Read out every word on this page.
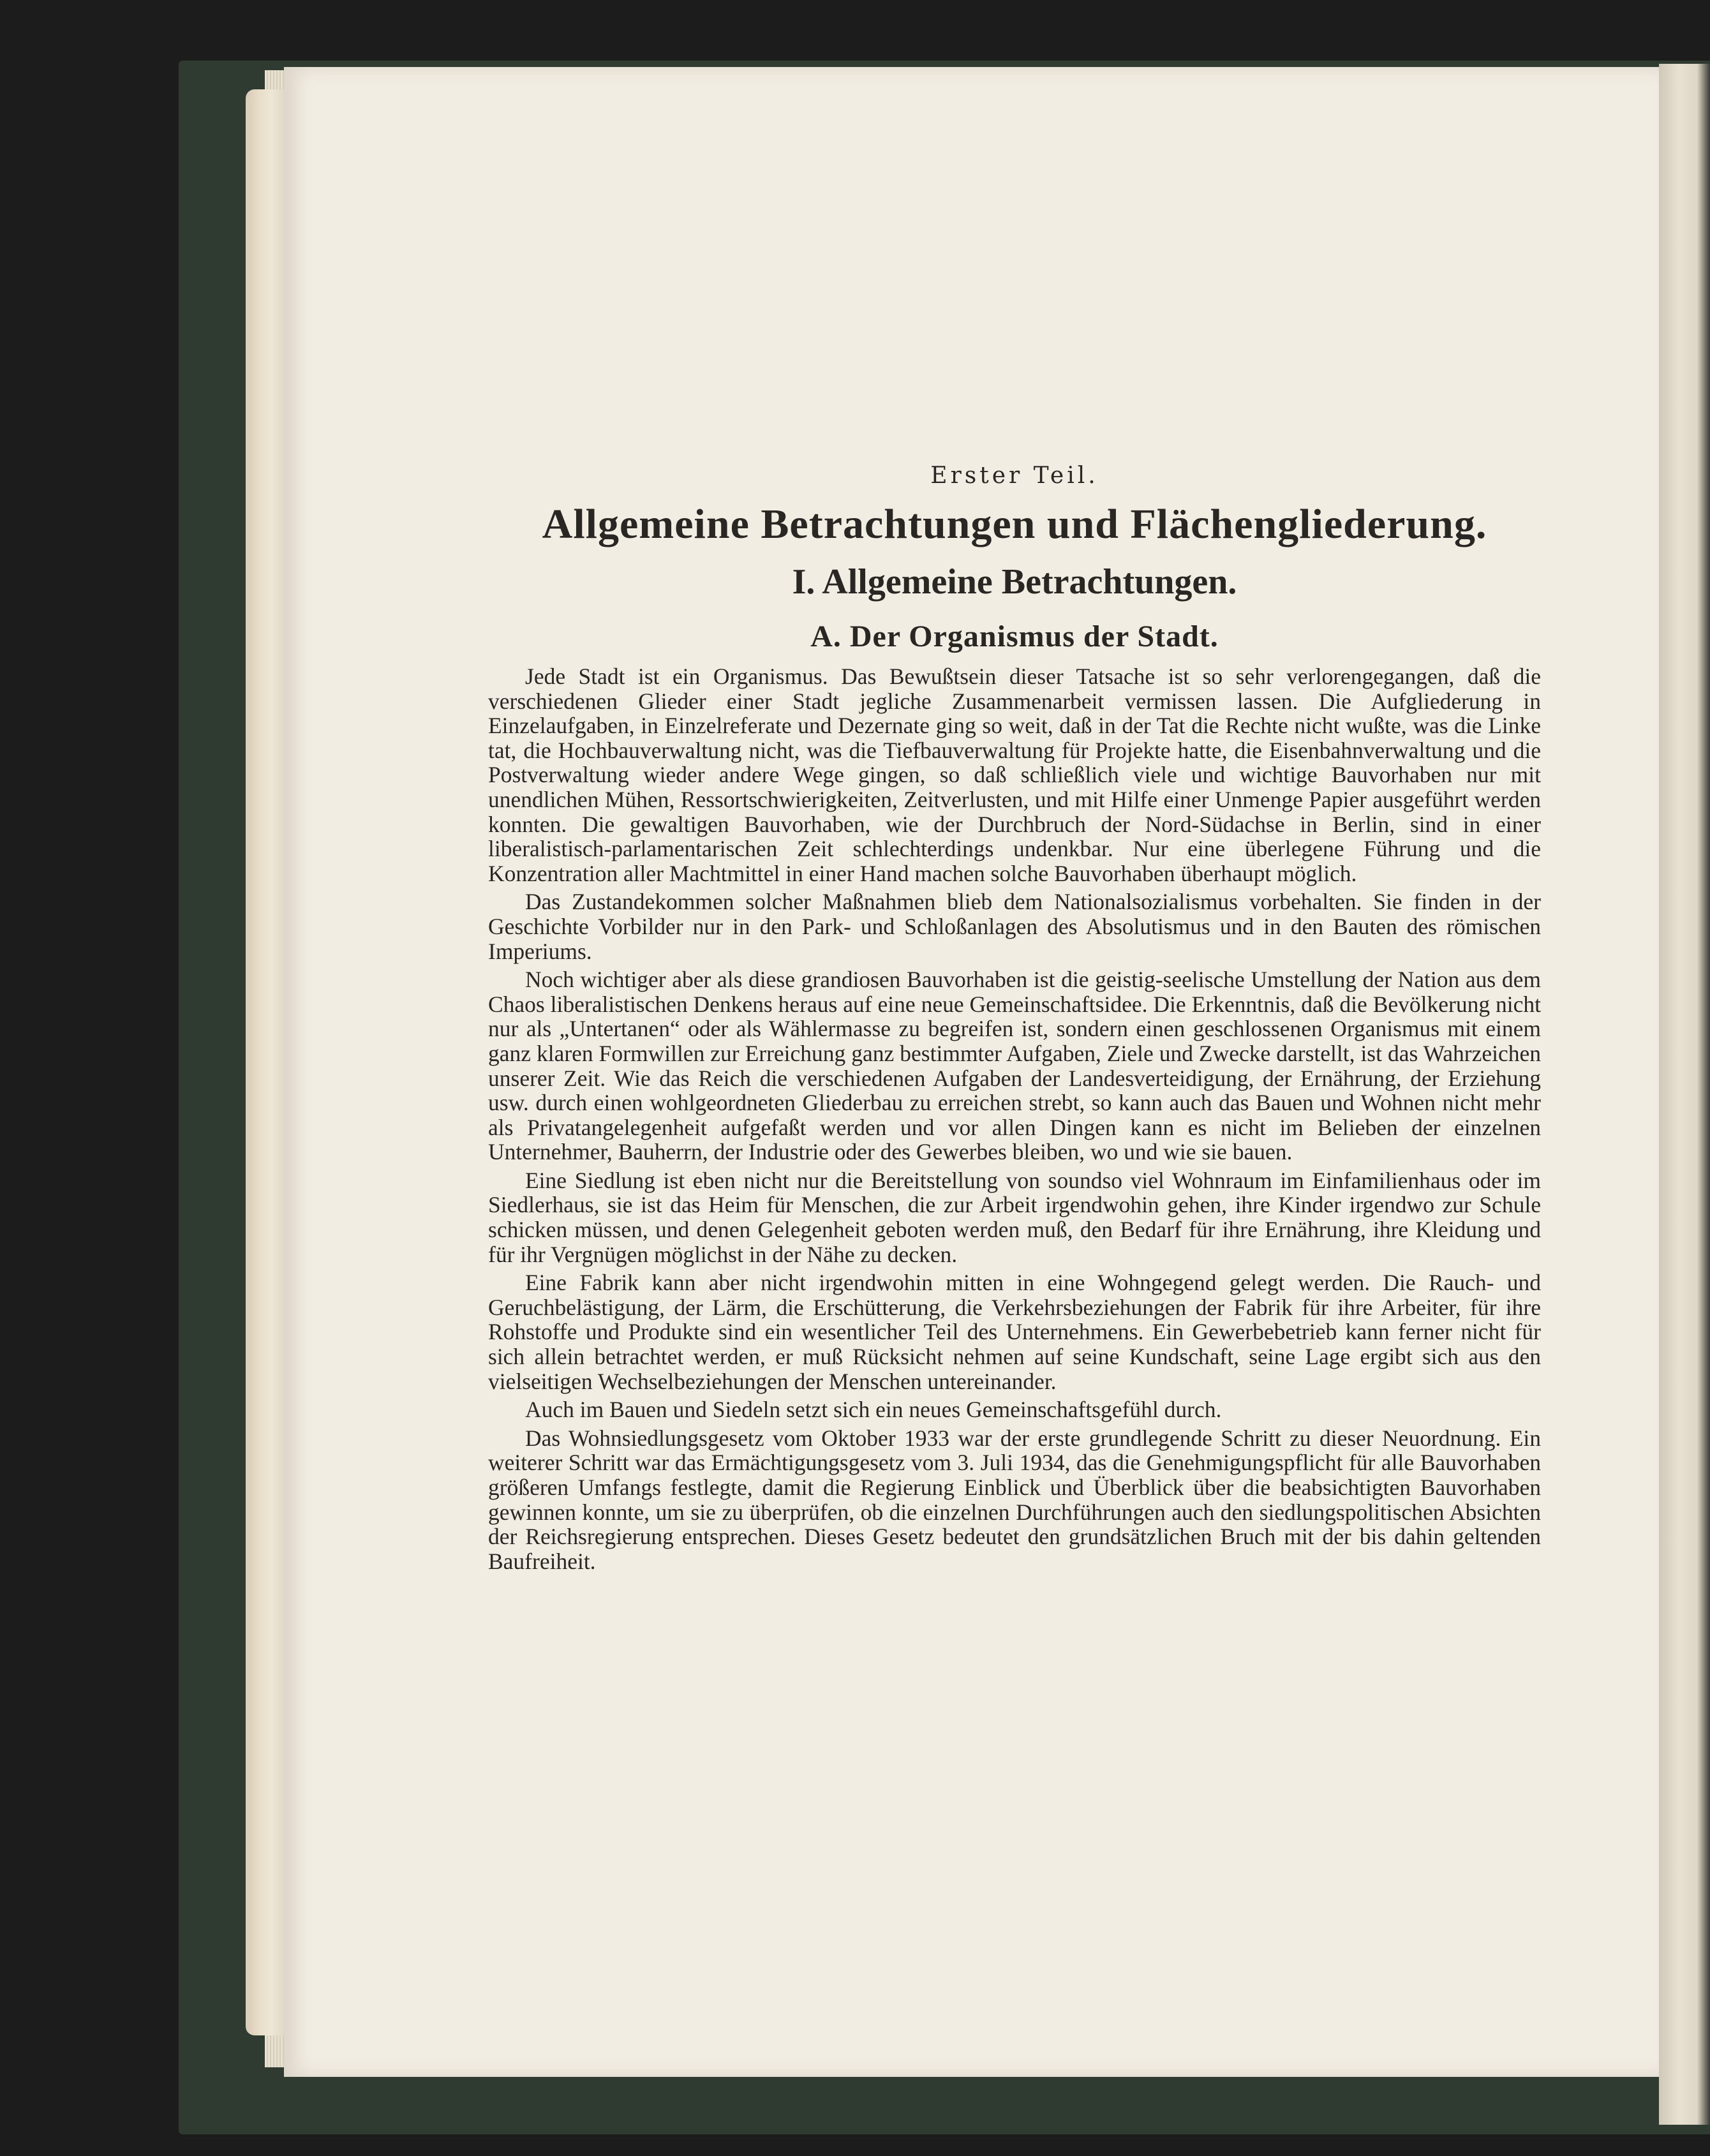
Erster Teil.
Allgemeine Betrachtungen und Flächengliederung.
I. Allgemeine Betrachtungen.
A. Der Organismus der Stadt.

Jede Stadt ist ein Organismus. Das Bewußtsein dieser Tatsache ist so sehr verlorengegangen, daß die verschiedenen Glieder einer Stadt jegliche Zusammenarbeit vermissen lassen. Die Aufgliederung in Einzelaufgaben, in Einzelreferate und Dezernate ging so weit, daß in der Tat die Rechte nicht wußte, was die Linke tat, die Hochbauverwaltung nicht, was die Tiefbauverwaltung für Projekte hatte, die Eisenbahnverwaltung und die Postverwaltung wieder andere Wege gingen, so daß schließlich viele und wichtige Bauvorhaben nur mit unendlichen Mühen, Ressortschwierigkeiten, Zeitverlusten, und mit Hilfe einer Unmenge Papier ausgeführt werden konnten. Die gewaltigen Bauvorhaben, wie der Durchbruch der Nord-Südachse in Berlin, sind in einer liberalistisch-parlamentarischen Zeit schlechterdings undenkbar. Nur eine überlegene Führung und die Konzentration aller Machtmittel in einer Hand machen solche Bauvorhaben überhaupt möglich.

Das Zustandekommen solcher Maßnahmen blieb dem Nationalsozialismus vorbehalten. Sie finden in der Geschichte Vorbilder nur in den Park- und Schloßanlagen des Absolutismus und in den Bauten des römischen Imperiums.

Noch wichtiger aber als diese grandiosen Bauvorhaben ist die geistig-seelische Umstellung der Nation aus dem Chaos liberalistischen Denkens heraus auf eine neue Gemeinschaftsidee. Die Erkenntnis, daß die Bevölkerung nicht nur als „Untertanen“ oder als Wählermasse zu begreifen ist, sondern einen geschlossenen Organismus mit einem ganz klaren Formwillen zur Erreichung ganz bestimmter Aufgaben, Ziele und Zwecke darstellt, ist das Wahrzeichen unserer Zeit. Wie das Reich die verschiedenen Aufgaben der Landesverteidigung, der Ernährung, der Erziehung usw. durch einen wohlgeordneten Gliederbau zu erreichen strebt, so kann auch das Bauen und Wohnen nicht mehr als Privatangelegenheit aufgefaßt werden und vor allen Dingen kann es nicht im Belieben der einzelnen Unternehmer, Bauherrn, der Industrie oder des Gewerbes bleiben, wo und wie sie bauen.

Eine Siedlung ist eben nicht nur die Bereitstellung von soundso viel Wohnraum im Einfamilienhaus oder im Siedlerhaus, sie ist das Heim für Menschen, die zur Arbeit irgendwohin gehen, ihre Kinder irgendwo zur Schule schicken müssen, und denen Gelegenheit geboten werden muß, den Bedarf für ihre Ernährung, ihre Kleidung und für ihr Vergnügen möglichst in der Nähe zu decken.

Eine Fabrik kann aber nicht irgendwohin mitten in eine Wohngegend gelegt werden. Die Rauch- und Geruchbelästigung, der Lärm, die Erschütterung, die Verkehrsbeziehungen der Fabrik für ihre Arbeiter, für ihre Rohstoffe und Produkte sind ein wesentlicher Teil des Unternehmens. Ein Gewerbebetrieb kann ferner nicht für sich allein betrachtet werden, er muß Rücksicht nehmen auf seine Kundschaft, seine Lage ergibt sich aus den vielseitigen Wechselbeziehungen der Menschen untereinander.

Auch im Bauen und Siedeln setzt sich ein neues Gemeinschaftsgefühl durch.

Das Wohnsiedlungsgesetz vom Oktober 1933 war der erste grundlegende Schritt zu dieser Neuordnung. Ein weiterer Schritt war das Ermächtigungsgesetz vom 3. Juli 1934, das die Genehmigungspflicht für alle Bauvorhaben größeren Umfangs festlegte, damit die Regierung Einblick und Überblick über die beabsichtigten Bauvorhaben gewinnen konnte, um sie zu überprüfen, ob die einzelnen Durchführungen auch den siedlungspolitischen Absichten der Reichsregierung entsprechen. Dieses Gesetz bedeutet den grundsätzlichen Bruch mit der bis dahin geltenden Baufreiheit.
